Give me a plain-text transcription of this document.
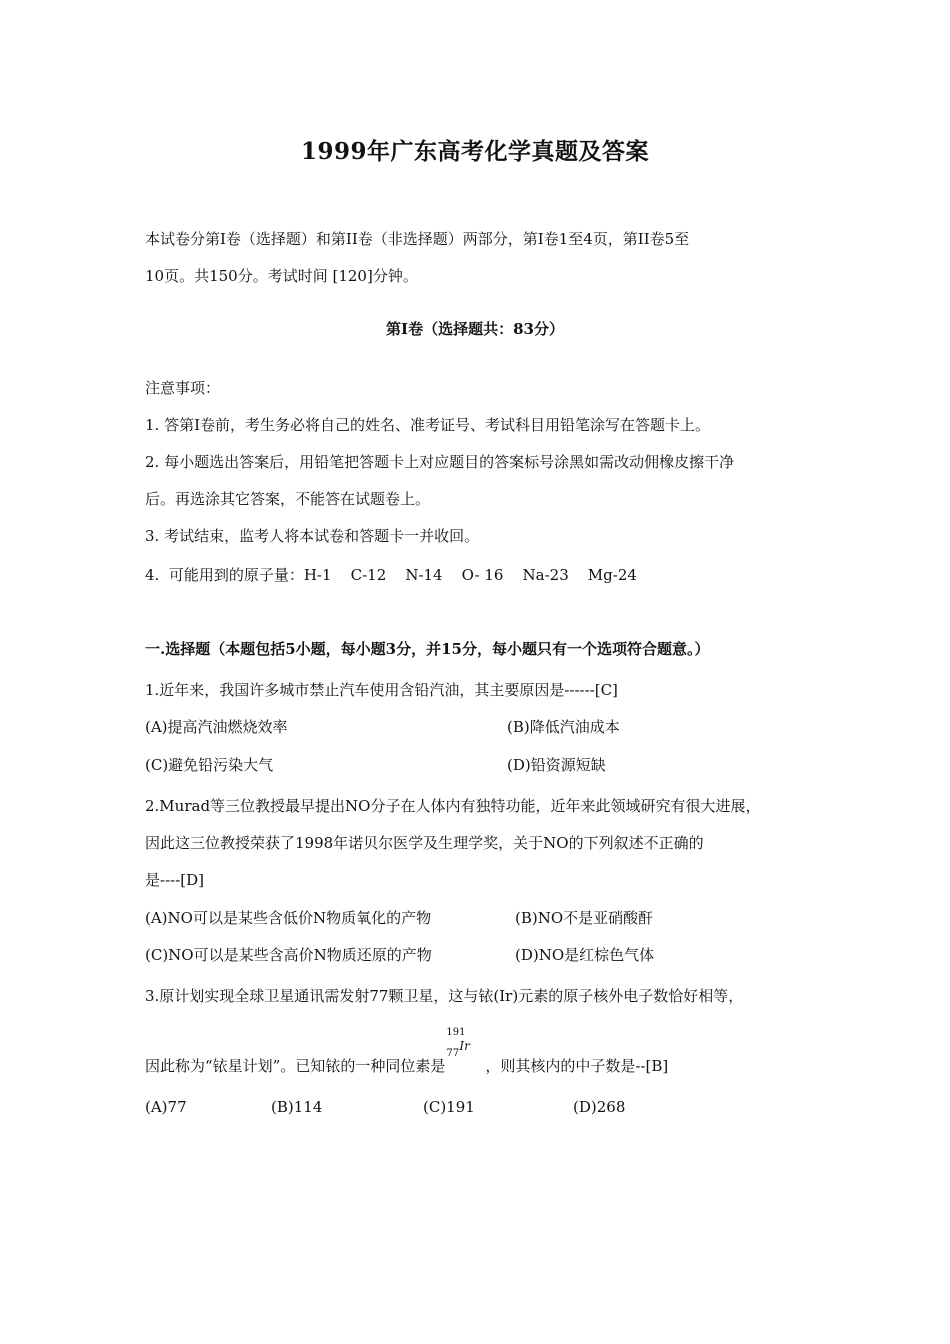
1999年广东高考化学真题及答案
本试卷分第Ⅰ卷（选择题）和第II卷（非选择题）两部分，第Ⅰ卷1至4页，第II卷5至
10页。共150分。考试时间 [120]分钟。
第Ⅰ卷（选择题共：83分）
注意事项：
1. 答第Ⅰ卷前，考生务必将自己的姓名、准考证号、考试科目用铅笔涂写在答题卡上。
2. 每小题选出答案后，用铅笔把答题卡上对应题目的答案标号涂黑如需改动佣橡皮擦干净
后。再选涂其它答案，不能答在试题卷上。
3. 考试结束，监考人将本试卷和答题卡一并收回。
4.  可能用到的原子量：H-1    C-12    N-14    O- 16    Na-23    Mg-24
一.选择题（本题包括5小题，每小题3分，并15分，每小题只有一个选项符合题意。）
1.近年来，我国许多城市禁止汽车使用含铅汽油，其主要原因是------[C]
(A)提高汽油燃烧效率	(B)降低汽油成本
(C)避免铅污染大气	(D)铅资源短缺
2.Murad等三位教授最早提出NO分子在人体内有独特功能，近年来此领域研究有很大进展，
因此这三位教授荣获了1998年诺贝尔医学及生理学奖，关于NO的下列叙述不正确的
是----[D]
(A)NO可以是某些含低价N物质氧化的产物	(B)NO不是亚硝酸酐
(C)NO可以是某些含高价N物质还原的产物	(D)NO是红棕色气体
3.原计划实现全球卫星通讯需发射77颗卫星，这与铱(Ir)元素的原子核外电子数恰好相等，
因此称为“铱星计划”。已知铱的一种同位素是
191
77
Ir
，则其核内的中子数是--[B]
(A)77	(B)114	(C)191	(D)268
